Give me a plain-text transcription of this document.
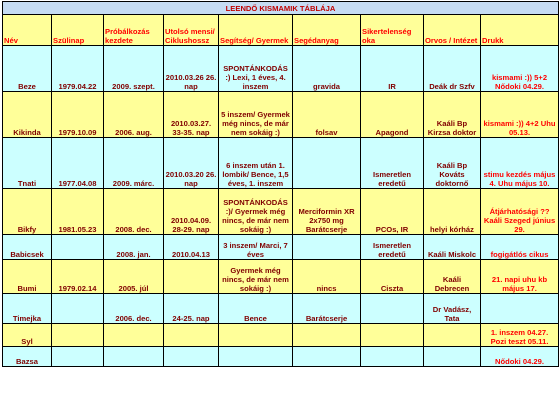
LEENDŐ KISMAMIK TÁBLÁJA								
Név	Szülinap	Próbálkozás kezdete	Utolsó mensi/ Ciklushossz	Segítség/ Gyermek	Segédanyag	Sikertelenség oka	Orvos / Intézet	Drukk
Beze	1979.04.22	2009. szept.	2010.03.26 26. nap	SPONTÁNKODÁS :) Lexi, 1 éves, 4. inszem	gravida	IR	Deák dr Szfv	kismami :)) 5+2 Nődoki 04.29.
Kikinda	1979.10.09	2006. aug.	2010.03.27. 33-35. nap	5 inszem/ Gyermek még nincs, de már nem sokáig :)	folsav	Apagond	Kaáli Bp Kirzsa doktor	kismami :)) 4+2 Uhu 05.13.
Tnati	1977.04.08	2009. márc.	2010.03.20 26. nap	6 inszem után 1. lombik/ Bence, 1,5 éves, 1. inszem		Ismeretlen eredetű	Kaáli Bp Kováts doktornő	stimu kezdés május 4. Uhu május 10.
Bikfy	1981.05.23	2008. dec.	2010.04.09. 28-29. nap	SPONTÁNKODÁS :)/ Gyermek még nincs, de már nem sokáig :)	Merciformin XR 2x750 mg Barátcserje	PCOs, IR	helyi kórház	Átjárhatósági ?? Kaáli Szeged június 29.
Babicsek		2008. jan.	2010.04.13	3 inszem/ Marci, 7 éves		Ismeretlen eredetű	Kaáli Miskolc	fogigátlós cikus
Bumi	1979.02.14	2005. júl		Gyermek még nincs, de már nem sokáig :)	nincs	Ciszta	Kaáli Debrecen	21. napi uhu kb május 17.
Timejka		2006. dec.	24-25. nap	Bence	Barátcserje		Dr Vadász, Tata	
Syl								1. inszem 04.27. Pozi teszt 05.11.
Bazsa								Nődoki 04.29.
